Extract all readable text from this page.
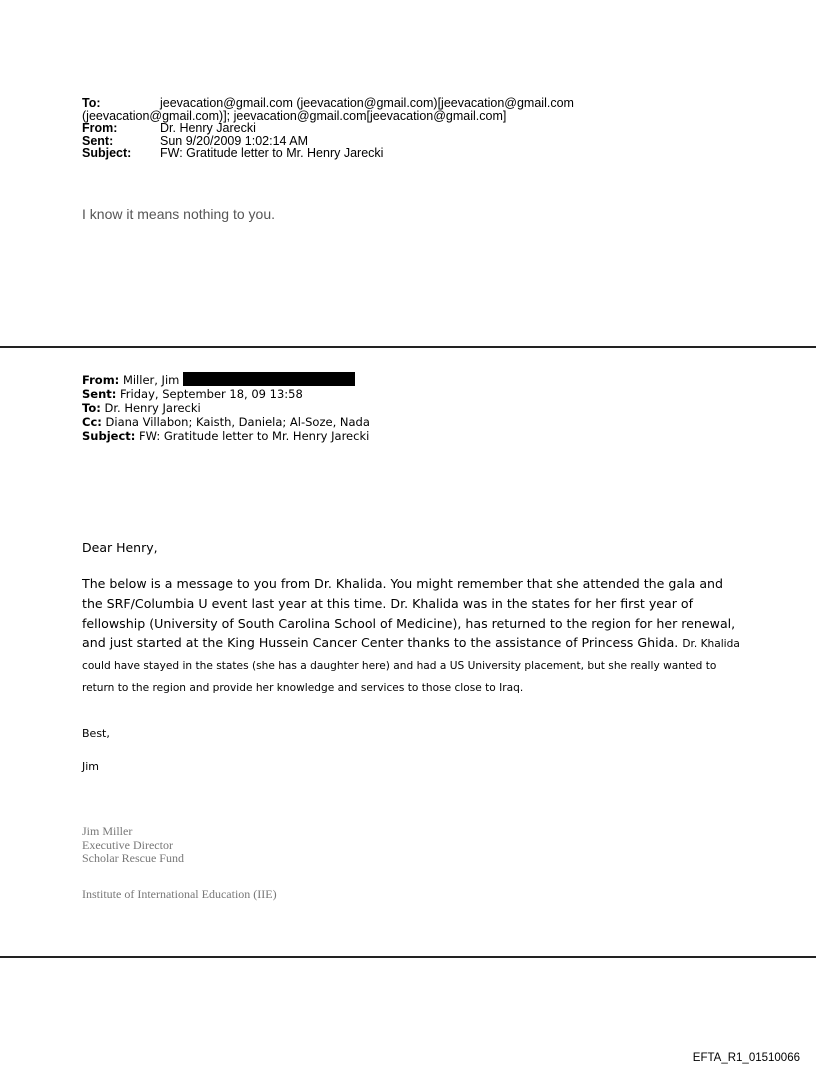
To:	jeevacation@gmail.com (jeevacation@gmail.com)[jeevacation@gmail.com
(jeevacation@gmail.com)]; jeevacation@gmail.com[jeevacation@gmail.com]
From:	Dr. Henry Jarecki
Sent:	Sun 9/20/2009 1:02:14 AM
Subject: FW: Gratitude letter to Mr. Henry Jarecki
I know it means nothing to you.
From: Miller, Jim
Sent: Friday, September 18, 09 13:58
To: Dr. Henry Jarecki
Cc: Diana Villabon; Kaisth, Daniela; Al-Soze, Nada
Subject: FW: Gratitude letter to Mr. Henry Jarecki
Dear Henry,
The below is a message to you from Dr. Khalida. You might remember that she attended the gala and the SRF/Columbia U event last year at this time. Dr. Khalida was in the states for her first year of fellowship (University of South Carolina School of Medicine), has returned to the region for her renewal, and just started at the King Hussein Cancer Center thanks to the assistance of Princess Ghida. Dr. Khalida could have stayed in the states (she has a daughter here) and had a US University placement, but she really wanted to return to the region and provide her knowledge and services to those close to Iraq.
Best,
Jim
Jim Miller
Executive Director
Scholar Rescue Fund
Institute of International Education (IIE)
EFTA_R1_01510066
